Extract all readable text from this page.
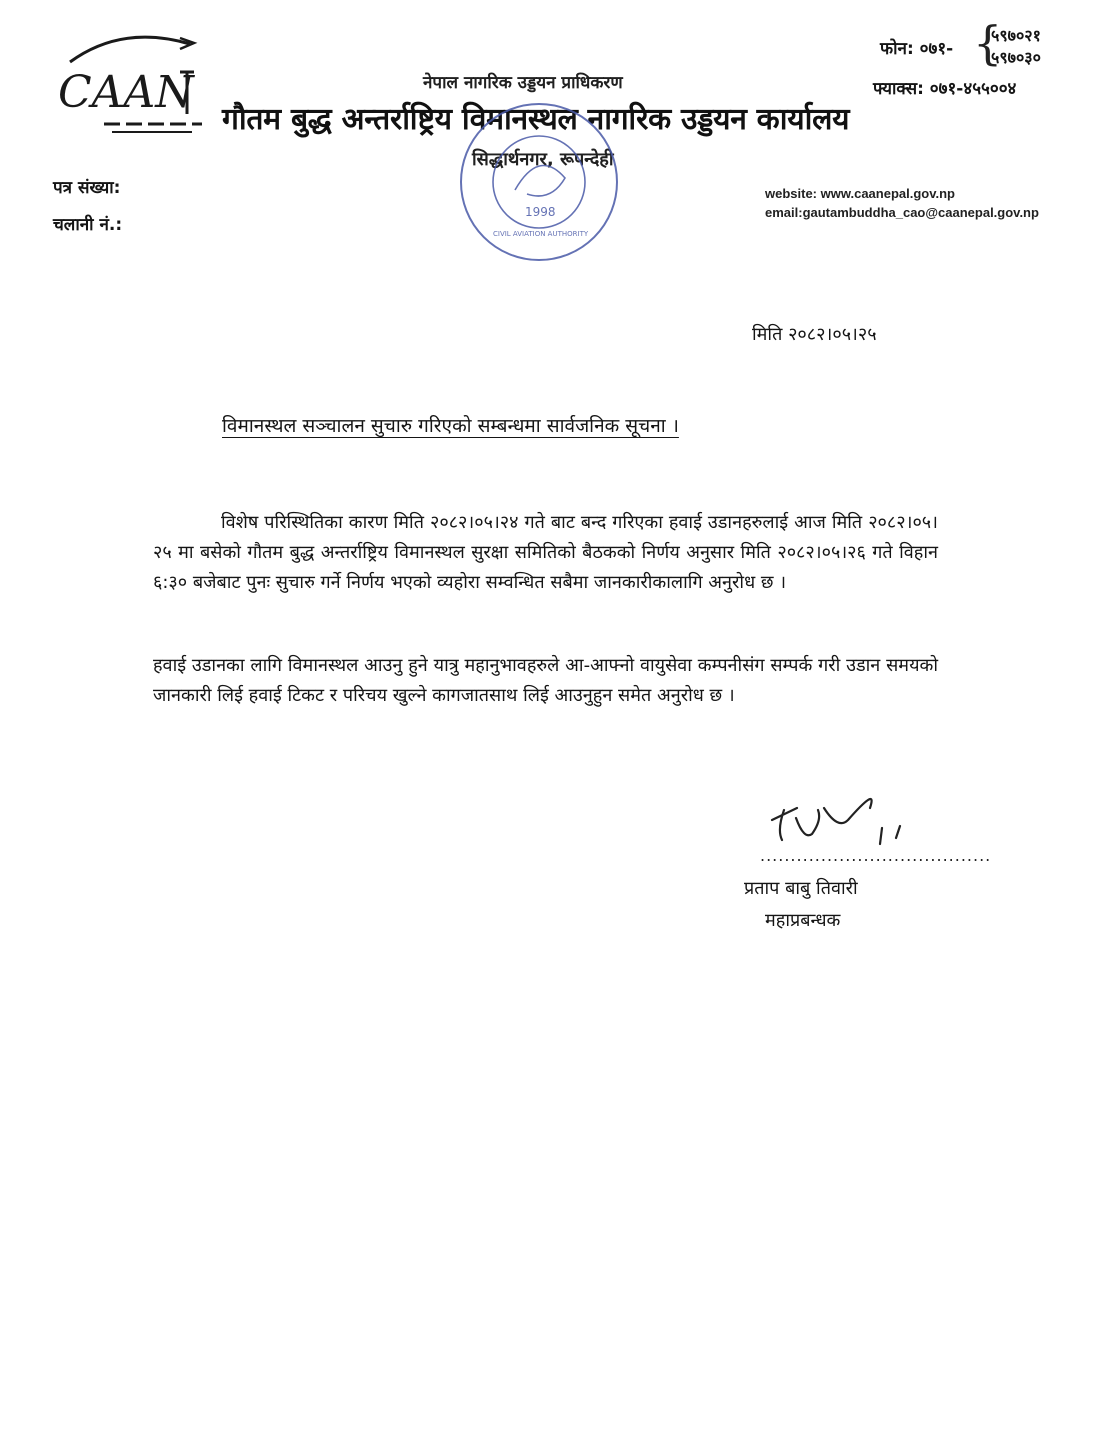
CAAN	नेपाल नागरिक उड्डयन प्राधिकरण
गौतम बुद्ध अन्तर्राष्ट्रिय विमानस्थल नागरिक उड्डयन कार्यालय
सिद्धार्थनगर, रूपन्देही
फोन: ०७१- {
५९७०२१
५९७०३०
फ्याक्स: ०७१-४५५००४
पत्र संख्या:
चलानी नं.:
website: www.caanepal.gov.np
email:gautambuddha_cao@caanepal.gov.np
1998
CIVIL AVIATION AUTHORITY
मिति २०८२।०५।२५
विमानस्थल सञ्चालन सुचारु गरिएको सम्बन्धमा सार्वजनिक सूचना ।
विशेष परिस्थितिका कारण मिति २०८२।०५।२४ गते बाट बन्द गरिएका हवाई उडानहरुलाई आज मिति २०८२।०५।२५ मा बसेको गौतम बुद्ध अन्तर्राष्ट्रिय विमानस्थल सुरक्षा समितिको बैठकको निर्णय अनुसार मिति २०८२।०५।२६ गते विहान ६:३० बजेबाट पुनः सुचारु गर्ने निर्णय भएको व्यहोरा सम्वन्धित सबैमा जानकारीकालागि अनुरोध छ ।
हवाई उडानका लागि विमानस्थल आउनु हुने यात्रु महानुभावहरुले आ-आफ्नो वायुसेवा कम्पनीसंग सम्पर्क गरी उडान समयको जानकारी लिई हवाई टिकट र परिचय खुल्ने कागजातसाथ लिई आउनुहुन समेत अनुरोध छ ।
......................................
प्रताप बाबु तिवारी
महाप्रबन्धक
